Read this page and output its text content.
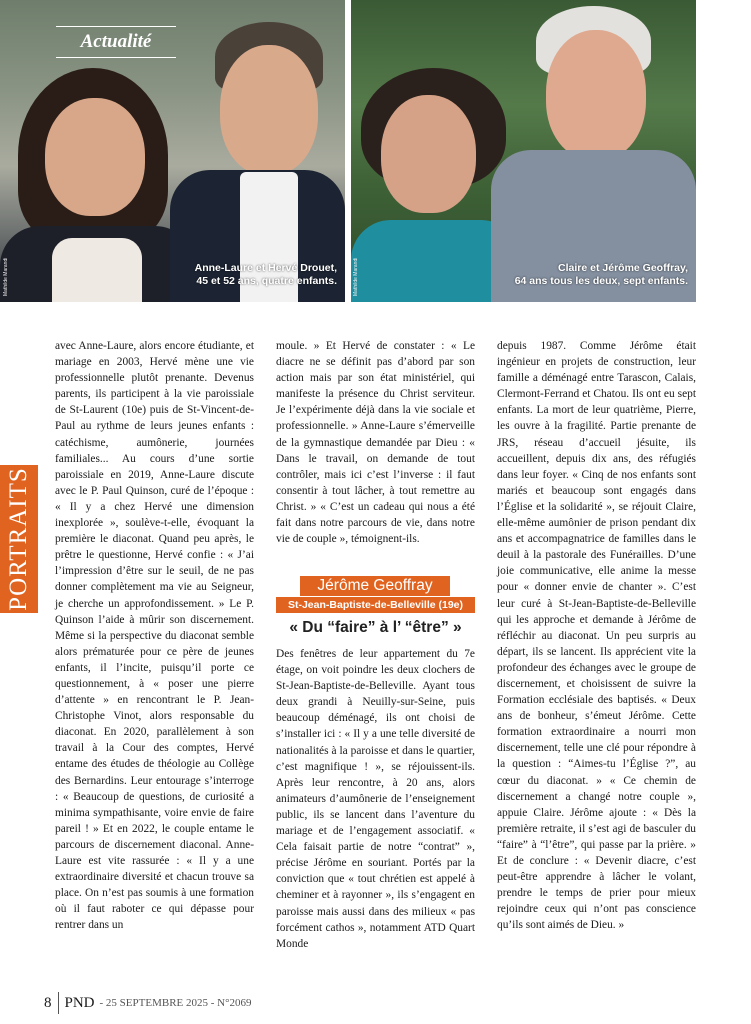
Mathilde Marandi
Actualité
Anne-Laure et Hervé Drouet,
45 et 52 ans, quatre enfants.	Mathilde Marandi	Claire et Jérôme Geoffray,
64 ans tous les deux, sept enfants.
PORTRAITS

avec Anne-Laure, alors encore étudiante, et mariage en 2003, Hervé mène une vie professionnelle plutôt prenante. Devenus parents, ils participent à la vie paroissiale de St-Laurent (10e) puis de St-Vincent-de-Paul au rythme de leurs jeunes enfants : catéchisme, aumônerie, journées familiales... Au cours d’une sortie paroissiale en 2019, Anne-Laure discute avec le P. Paul Quinson, curé de l’époque : « Il y a chez Hervé une dimension inexplorée », soulève-t-elle, évoquant la première le diaconat. Quand peu après, le prêtre le questionne, Hervé confie : « J’ai l’impression d’être sur le seuil, de ne pas donner complètement ma vie au Seigneur, je cherche un approfondissement. » Le P. Quinson l’aide à mûrir son discernement. Même si la perspective du diaconat semble alors prématurée pour ce père de jeunes enfants, il l’incite, puisqu’il porte ce questionnement, à « poser une pierre d’attente » en rencontrant le P. Jean-Christophe Vinot, alors responsable du diaconat. En 2020, parallèlement à son travail à la Cour des comptes, Hervé entame des études de théologie au Collège des Bernardins. Leur entourage s’interroge : « Beaucoup de questions, de curiosité a minima sympathisante, voire envie de faire pareil ! » Et en 2022, le couple entame le parcours de discernement diaconal. Anne-Laure est vite rassurée : « Il y a une extraordinaire diversité et chacun trouve sa place. On n’est pas soumis à une formation où il faut raboter ce qui dépasse pour rentrer dans un

moule. » Et Hervé de constater : « Le diacre ne se définit pas d’abord par son action mais par son état ministériel, qui manifeste la présence du Christ serviteur. Je l’expérimente déjà dans la vie sociale et professionnelle. » Anne-Laure s’émerveille de la gymnastique demandée par Dieu : « Dans le travail, on demande de tout contrôler, mais ici c’est l’inverse : il faut consentir à tout lâcher, à tout remettre au Christ. » « C’est un cadeau qui nous a été fait dans notre parcours de vie, dans notre vie de couple », témoignent-ils.

Jérôme Geoffray
St-Jean-Baptiste-de-Belleville (19e)
« Du “faire” à l’ “être” »

Des fenêtres de leur appartement du 7e étage, on voit poindre les deux clochers de St-Jean-Baptiste-de-Belleville. Ayant tous deux grandi à Neuilly-sur-Seine, puis beaucoup déménagé, ils ont choisi de s’installer ici : « Il y a une telle diversité de nationalités à la paroisse et dans le quartier, c’est magnifique ! », se réjouissent-ils. Après leur rencontre, à 20 ans, alors animateurs d’aumônerie de l’enseignement public, ils se lancent dans l’aventure du mariage et de l’engagement associatif. « Cela faisait partie de notre “contrat” », précise Jérôme en souriant. Portés par la conviction que « tout chrétien est appelé à cheminer et à rayonner », ils s’engagent en paroisse mais aussi dans des milieux « pas forcément cathos », notamment ATD Quart Monde

depuis 1987. Comme Jérôme était ingénieur en projets de construction, leur famille a déménagé entre Tarascon, Calais, Clermont-Ferrand et Chatou. Ils ont eu sept enfants. La mort de leur quatrième, Pierre, les ouvre à la fragilité. Partie prenante de JRS, réseau d’accueil jésuite, ils accueillent, depuis dix ans, des réfugiés dans leur foyer. « Cinq de nos enfants sont mariés et beaucoup sont engagés dans l’Église et la solidarité », se réjouit Claire, elle-même aumônier de prison pendant dix ans et accompagnatrice de familles dans le deuil à la pastorale des Funérailles. D’une joie communicative, elle anime la messe pour « donner envie de chanter ». C’est leur curé à St-Jean-Baptiste-de-Belleville qui les approche et demande à Jérôme de réfléchir au diaconat. Un peu surpris au départ, ils se lancent. Ils apprécient vite la profondeur des échanges avec le groupe de discernement, et choisissent de suivre la Formation ecclésiale des baptisés. « Deux ans de bonheur, s’émeut Jérôme. Cette formation extraordinaire a nourri mon discernement, telle une clé pour répondre à la question : “Aimes-tu l’Église ?”, au cœur du diaconat. » « Ce chemin de discernement a changé notre couple », appuie Claire. Jérôme ajoute : « Dès la première retraite, il s’est agi de basculer du “faire” à “l’être”, qui passe par la prière. » Et de conclure : « Devenir diacre, c’est peut-être apprendre à lâcher le volant, prendre le temps de prier pour mieux rejoindre ceux qui n’ont pas conscience qu’ils sont aimés de Dieu. »

8 PND - 25 SEPTEMBRE 2025 - N°2069
